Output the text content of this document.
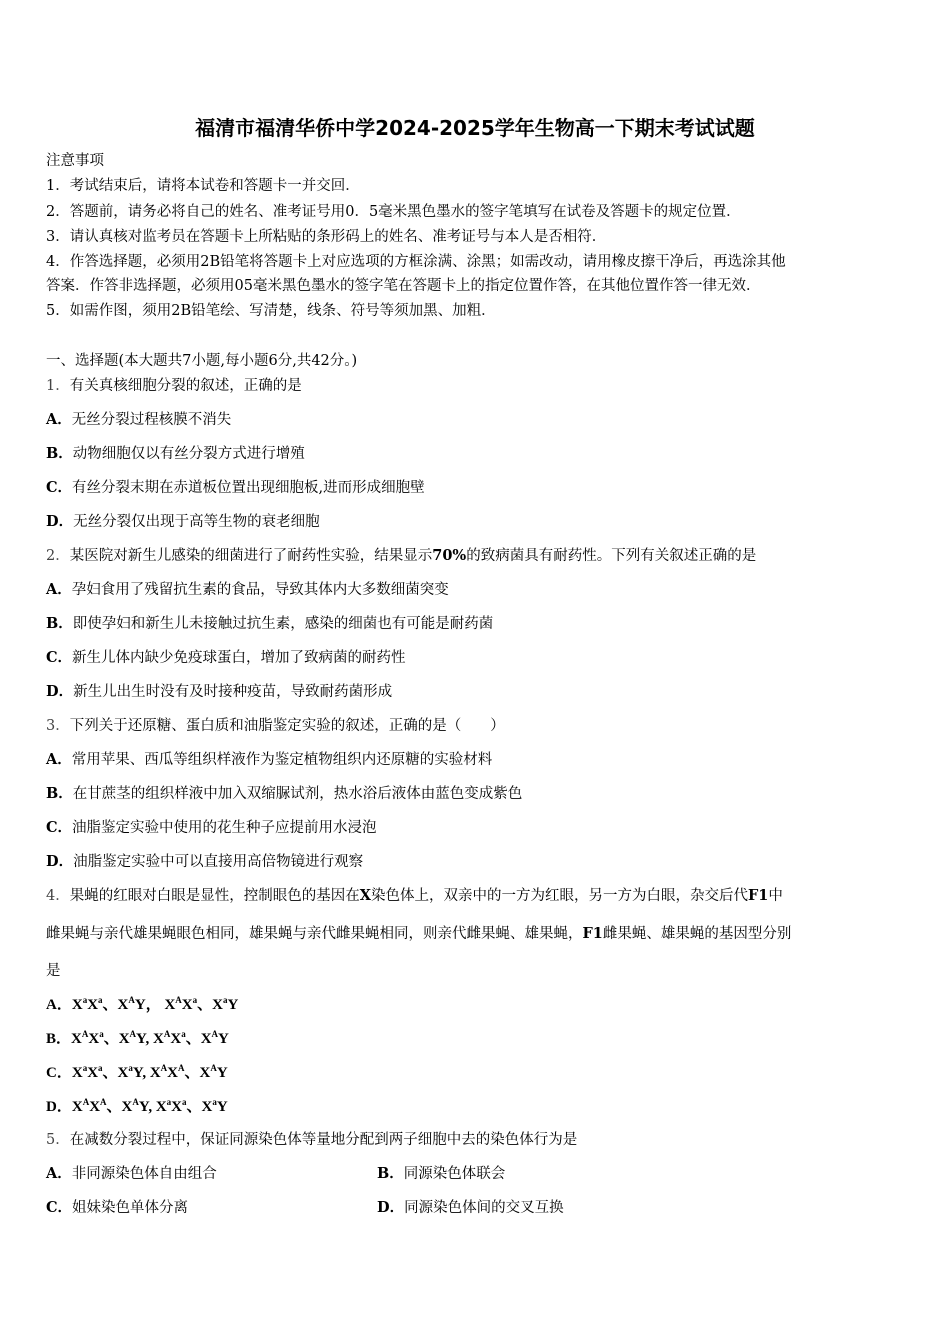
福清市福清华侨中学2024-2025学年生物高一下期末考试试题
注意事项
1．考试结束后，请将本试卷和答题卡一并交回．
2．答题前，请务必将自己的姓名、准考证号用0．5毫米黑色墨水的签字笔填写在试卷及答题卡的规定位置．
3．请认真核对监考员在答题卡上所粘贴的条形码上的姓名、准考证号与本人是否相符．
4．作答选择题，必须用2B铅笔将答题卡上对应选项的方框涂满、涂黑；如需改动，请用橡皮擦干净后，再选涂其他
答案．作答非选择题，必须用05毫米黑色墨水的签字笔在答题卡上的指定位置作答，在其他位置作答一律无效．
5．如需作图，须用2B铅笔绘、写清楚，线条、符号等须加黑、加粗．
一、选择题(本大题共7小题,每小题6分,共42分。)
1．有关真核细胞分裂的叙述，正确的是
A．无丝分裂过程核膜不消失
B．动物细胞仅以有丝分裂方式进行增殖
C．有丝分裂末期在赤道板位置出现细胞板,进而形成细胞壁
D．无丝分裂仅出现于高等生物的衰老细胞
2．某医院对新生儿感染的细菌进行了耐药性实验，结果显示70%的致病菌具有耐药性。下列有关叙述正确的是
A．孕妇食用了残留抗生素的食品，导致其体内大多数细菌突变
B．即使孕妇和新生儿未接触过抗生素，感染的细菌也有可能是耐药菌
C．新生儿体内缺少免疫球蛋白，增加了致病菌的耐药性
D．新生儿出生时没有及时接种疫苗，导致耐药菌形成
3．下列关于还原糖、蛋白质和油脂鉴定实验的叙述，正确的是（　　）
A．常用苹果、西瓜等组织样液作为鉴定植物组织内还原糖的实验材料
B．在甘蔗茎的组织样液中加入双缩脲试剂，热水浴后液体由蓝色变成紫色
C．油脂鉴定实验中使用的花生种子应提前用水浸泡
D．油脂鉴定实验中可以直接用高倍物镜进行观察
4．果蝇的红眼对白眼是显性，控制眼色的基因在X染色体上，双亲中的一方为红眼，另一方为白眼，杂交后代F1中
雌果蝇与亲代雄果蝇眼色相同，雄果蝇与亲代雌果蝇相同，则亲代雌果蝇、雄果蝇，F1雌果蝇、雄果蝇的基因型分别
是
A．$X^aX^a$、$X^AY$， $X^AX^a$、$X^aY$
B．$X^AX^a$、$X^AY$, $X^AX^a$、$X^AY$
C．$X^aX^a$、$X^aY$, $X^AX^A$、$X^AY$
D．$X^AX^A$、$X^AY$, $X^aX^a$、$X^aY$
5．在减数分裂过程中，保证同源染色体等量地分配到两子细胞中去的染色体行为是
A．非同源染色体自由组合	B．同源染色体联会
C．姐妹染色单体分离	D．同源染色体间的交叉互换
